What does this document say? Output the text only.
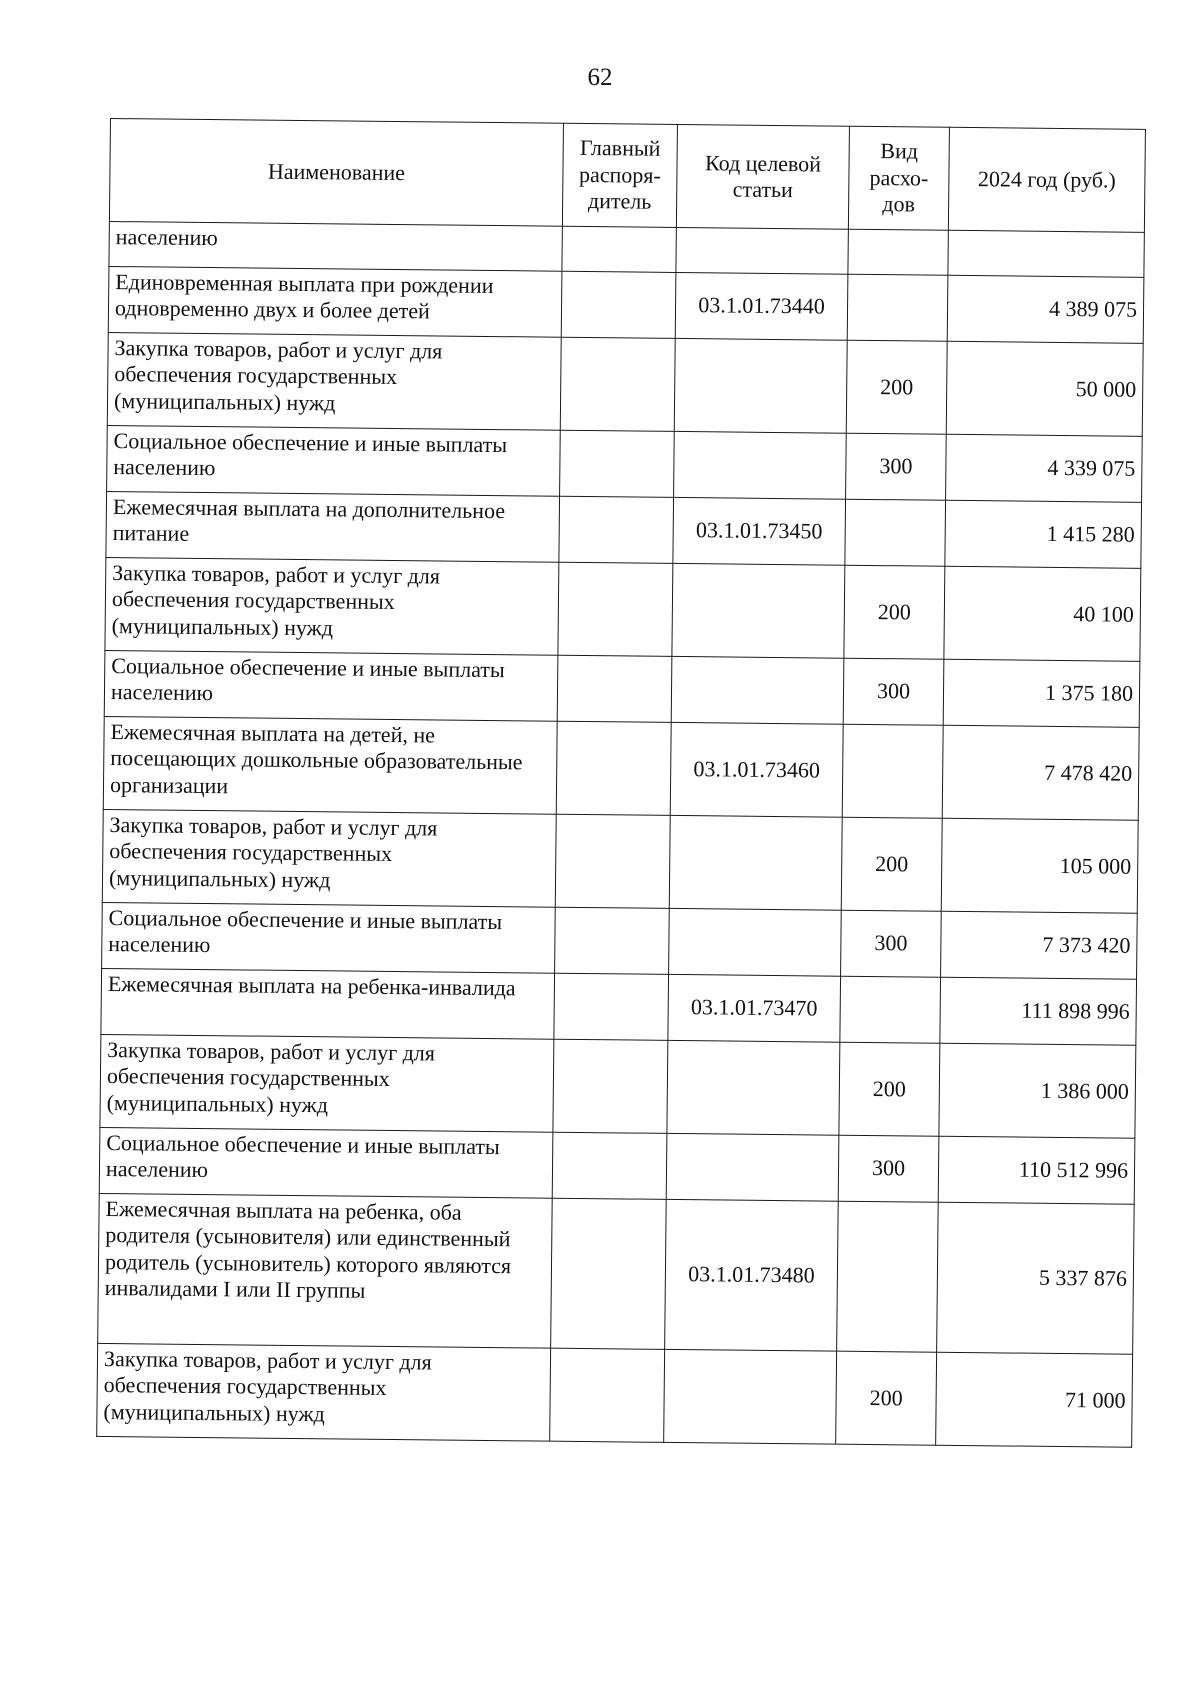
62
Наименование	Главный распоря-дитель	Код целевой статьи	Вид расхо-дов	2024 год (руб.)
населению				
Единовременная выплата при рождении одновременно двух и более детей		03.1.01.73440		4 389 075
Закупка товаров, работ и услуг для обеспечения государственных (муниципальных) нужд			200	50 000
Социальное обеспечение и иные выплаты населению			300	4 339 075
Ежемесячная выплата на дополнительное питание		03.1.01.73450		1 415 280
Закупка товаров, работ и услуг для обеспечения государственных (муниципальных) нужд			200	40 100
Социальное обеспечение и иные выплаты населению			300	1 375 180
Ежемесячная выплата на детей, не посещающих дошкольные образовательные организации		03.1.01.73460		7 478 420
Закупка товаров, работ и услуг для обеспечения государственных (муниципальных) нужд			200	105 000
Социальное обеспечение и иные выплаты населению			300	7 373 420
Ежемесячная выплата на ребенка-инвалида		03.1.01.73470		111 898 996
Закупка товаров, работ и услуг для обеспечения государственных (муниципальных) нужд			200	1 386 000
Социальное обеспечение и иные выплаты населению			300	110 512 996
Ежемесячная выплата на ребенка, оба родителя (усыновителя) или единственный родитель (усыновитель) которого являются инвалидами I или II группы		03.1.01.73480		5 337 876
Закупка товаров, работ и услуг для обеспечения государственных (муниципальных) нужд			200	71 000
